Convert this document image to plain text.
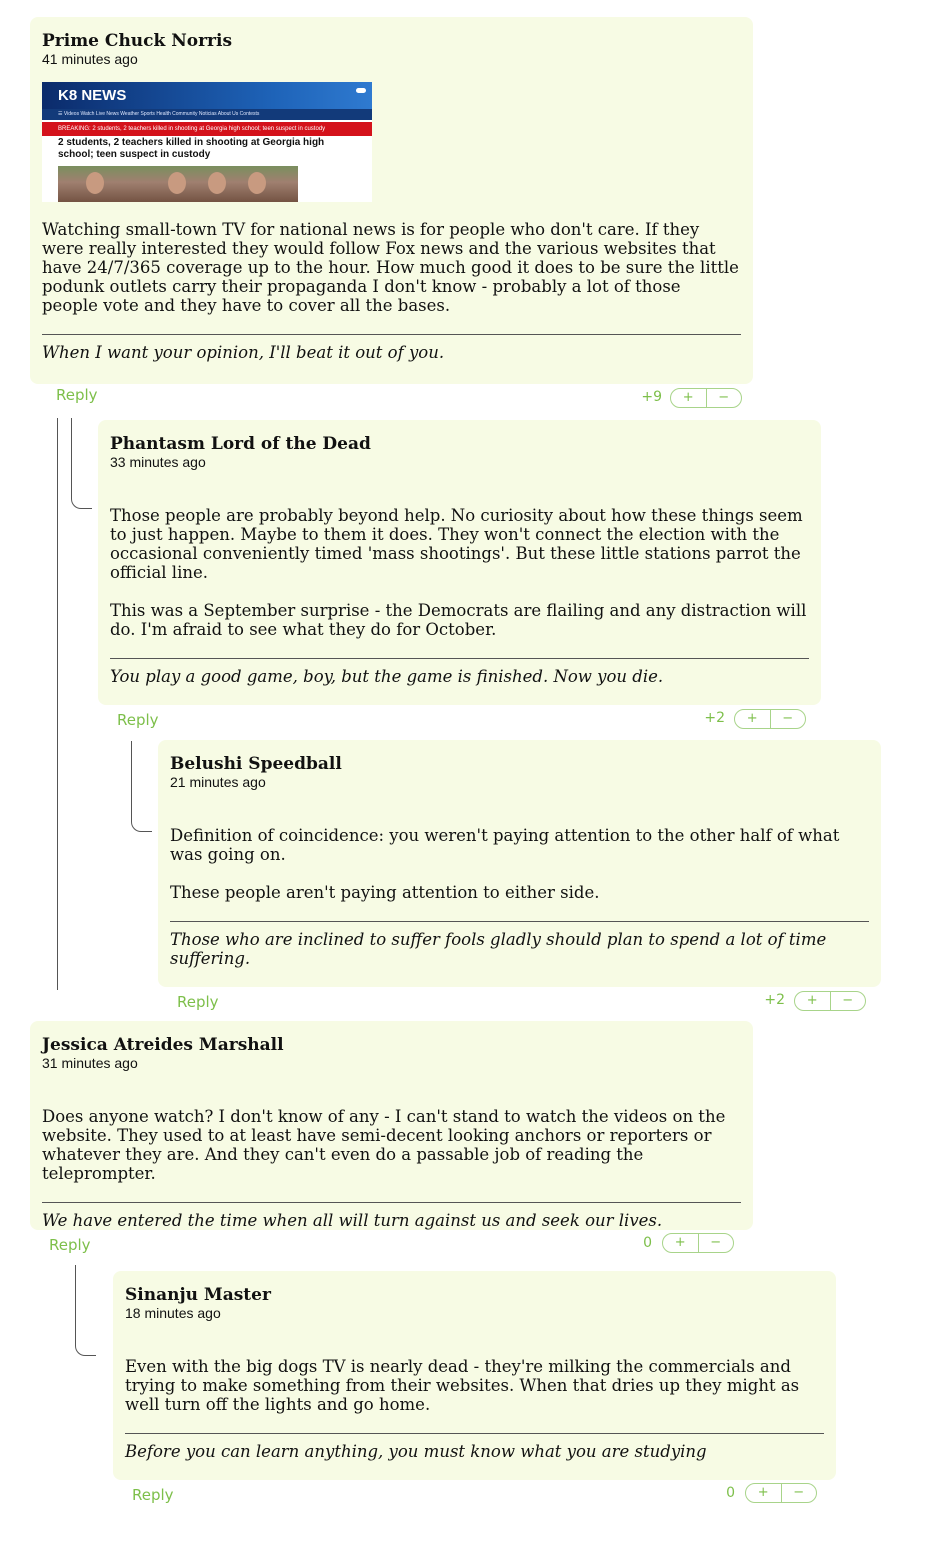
Prime Chuck Norris
41 minutes ago
K8 NEWS
☰ Videos Watch Live News Weather Sports Health Community Noticias About Us Contests
BREAKING: 2 students, 2 teachers killed in shooting at Georgia high school; teen suspect in custody
2 students, 2 teachers killed in shooting at Georgia high school; teen suspect in custody

Watching small-town TV for national news is for people who don't care. If they were really interested they would follow Fox news and the various websites that have 24/7/365 coverage up to the hour. How much good it does to be sure the little podunk outlets carry their propaganda I don't know - probably a lot of those people vote and they have to cover all the bases.

When I want your opinion, I'll beat it out of you.
Reply	+9	+	−
Phantasm Lord of the Dead
33 minutes ago

Those people are probably beyond help. No curiosity about how these things seem to just happen. Maybe to them it does. They won't connect the election with the occasional conveniently timed 'mass shootings'. But these little stations parrot the official line.

This was a September surprise - the Democrats are flailing and any distraction will do. I'm afraid to see what they do for October.

You play a good game, boy, but the game is finished. Now you die.
Reply	+2	+	−
Belushi Speedball
21 minutes ago

Definition of coincidence: you weren't paying attention to the other half of what was going on.

These people aren't paying attention to either side.

Those who are inclined to suffer fools gladly should plan to spend a lot of time suffering.
Reply	+2	+	−
Jessica Atreides Marshall
31 minutes ago

Does anyone watch? I don't know of any - I can't stand to watch the videos on the website. They used to at least have semi-decent looking anchors or reporters or whatever they are. And they can't even do a passable job of reading the teleprompter.

We have entered the time when all will turn against us and seek our lives.
Reply	0	+	−
Sinanju Master
18 minutes ago

Even with the big dogs TV is nearly dead - they're milking the commercials and trying to make something from their websites. When that dries up they might as well turn off the lights and go home.

Before you can learn anything, you must know what you are studying
Reply	0	+	−
